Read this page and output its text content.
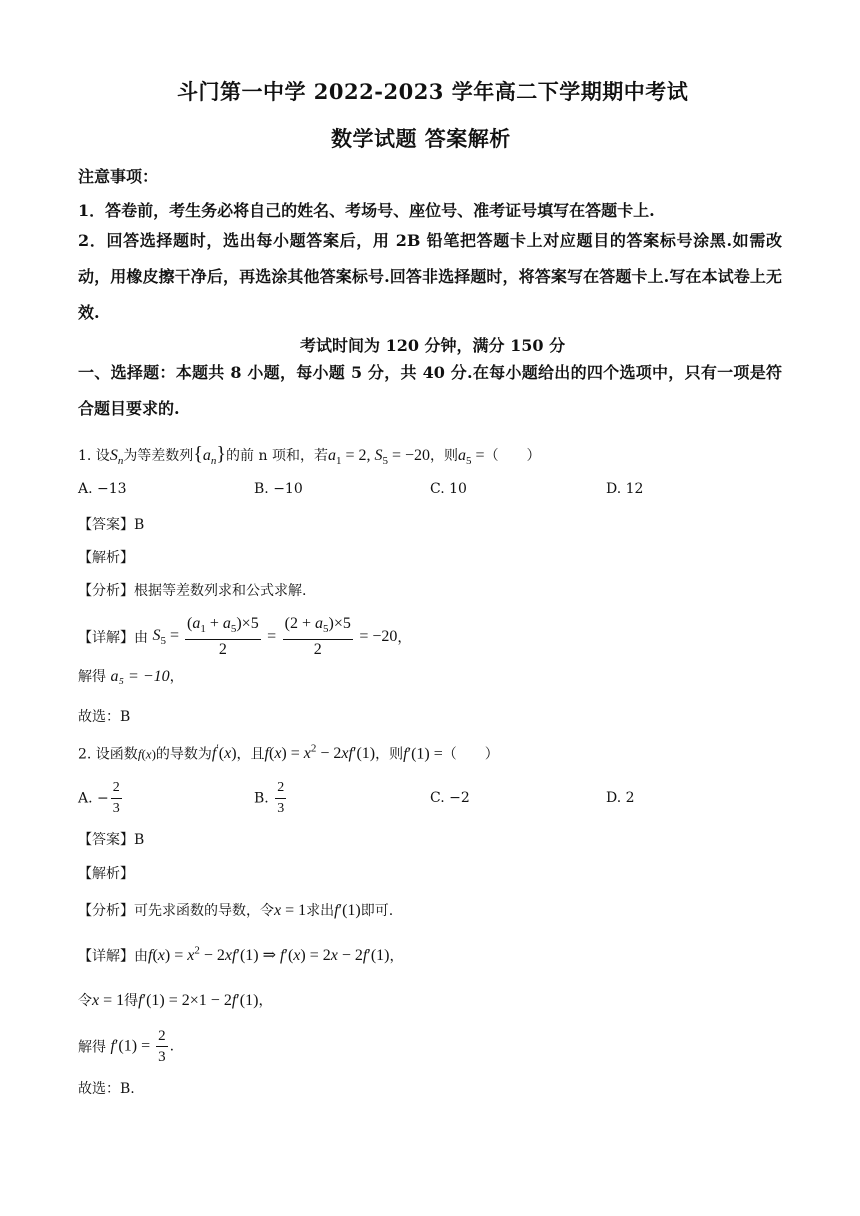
斗门第一中学 2022-2023 学年高二下学期期中考试
数学试题 答案解析
注意事项：
1．答卷前，考生务必将自己的姓名、考场号、座位号、准考证号填写在答题卡上.
2．回答选择题时，选出每小题答案后，用 2B 铅笔把答题卡上对应题目的答案标号涂黑.如需改动，用橡皮擦干净后，再选涂其他答案标号.回答非选择题时，将答案写在答题卡上.写在本试卷上无效.
考试时间为 120 分钟，满分 150 分
一、选择题：本题共 8 小题，每小题 5 分，共 40 分.在每小题给出的四个选项中，只有一项是符合题目要求的.
1. 设$S_n$为等差数列$\{a_n\}$的前 n 项和，若$a_1 = 2$, $S_5 = -20$，则$a_5$ =（　　）
A. −13	B. −10	C. 10	D. 12
【答案】B
【解析】
【分析】根据等差数列求和公式求解.
【详解】由 $S_5 = \frac{(a_1 + a_5)\times 5}{2} = \frac{(2 + a_5)\times 5}{2} = -20$，
解得 a₅ = −10，
故选：B
2. 设函数f(x)的导数为f′(x)，且$f(x) = x^2 - 2xf'(1)$，则f′(1) =（　　）
A. − $\frac{2}{3}$	B. $\frac{2}{3}$	C. −2	D. 2
【答案】B
【解析】
【分析】可先求函数的导数，令x = 1求出f′(1)即可.
【详解】由$f(x) = x^2 - 2xf'(1)$ ⇒ f′(x) = 2x − 2f′(1)，
令x = 1得f′(1) = 2×1 − 2f′(1)，
解得 $f'(1) = \frac{2}{3}$ .
故选：B.
